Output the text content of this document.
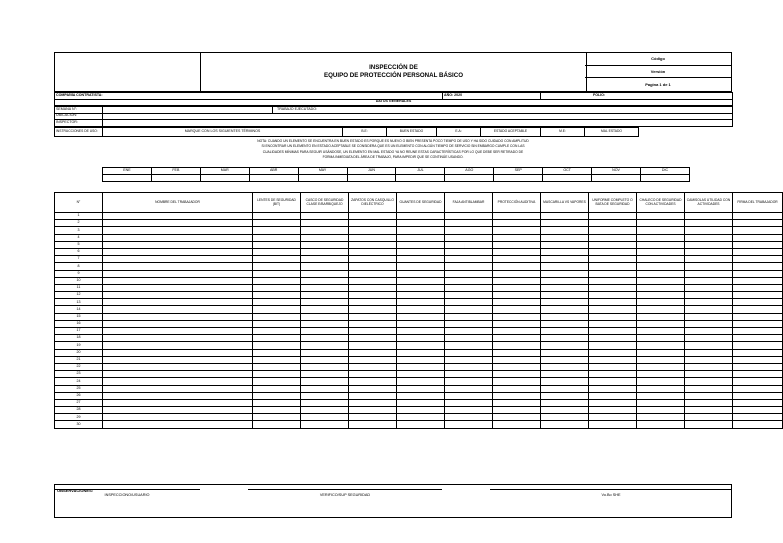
INSPECCIÓN DE
EQUIPO DE PROTECCIÓN PERSONAL BÁSICO
Código
Versión
Pagina 1 de 1
COMPAÑÍA CONTRATISTA:	AÑO: 2020	FOLIO:
DATOS GENERALES
SEMANA N°:		TRABAJO EJECUTADO:
UBICACIÓN:		
INSPECTOR:		
INSTRUCCIONES DE USO:	MARQUE CON LOS SIGUIENTES TÉRMINOS	B.E:	BUEN ESTADO	E.A:	ESTADO ACEPTABLE	M.E:	MAL ESTADO	

NOTA: CUANDO UN ELEMENTO SE ENCUENTRA EN BUEN ESTADO ES PORQUE ES NUEVO O BIEN PRESENTA POCO TIEMPO DE USO Y HA SIDO CUIDADO CON AMPLITUD

SI ENCONTRAR UN ELEMENTO EN ESTADO ACEPTABLE SE CONSIDERA QUE ES UN ELEMENTO CON ALGÚN TIEMPO DE SERVICIO SIN EMBARGO CUMPLE CON LAS

CUALIDADES MÍNIMAS PARA SEGUIR USÁNDOSE, UN ELEMENTO EN MAL ESTADO YA NO REUNE ESTAS CARACTERÍSTICAS POR LO QUE DEBE SER RETIRADO DE

FORMA INMEDIATA DEL ÁREA DE TRABAJO, PARA IMPEDIR QUE SE CONTINÚE USANDO.

ENE	FEB	MAR	ABR	MAY	JUN	JUL	AGO	SEP	OCT	NOV	DIC

N°	NOMBRE DEL TRABAJADOR	LENTES DE SEGURIDAD (BIT)	CASCO DE SEGURIDAD CLASE E/BARBIQUEJO	ZAPATOS CON CASQUILLO DIELÉCTRICO	GUANTES DE SEGURIDAD	FAJA ANTIBLAMBAR	PROTECCIÓN AUDITIVA	MASCARILLA VS VAPORES	UNIFORME COMPLETO O BATA DE SEGURIDAD	CHALECO DE SEGURIDAD CON ACTIVIDADES	CAMISOLAS UTILIDAD CON ACTIVIDADES	FIRMA DEL TRABAJADOR
1												
2												
3												
4												
5												
6												
7												
8												
9												
10												
11												
12												
13												
14												
15												
16												
17												
18												
19												
20												
21												
22												
23												
24												
25												
26												
27												
28												
29												
30												
OBSERVACIONES:
INSPECCIONO/USUARIO	VERIFICO/SUP SEGURIDAD	Vo.Bo SHE
